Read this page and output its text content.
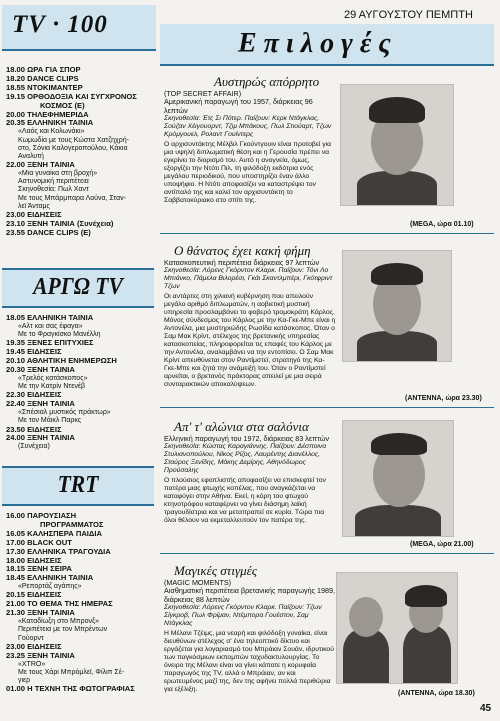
TV · 100
18.00 ΩΡΑ ΓΙΑ ΣΠΟΡ
18.20 DANCE CLIPS
18.55 ΝΤΟΚΙΜΑΝΤΕΡ
19.15 ΟΡΘΟΔΟΞΙΑ ΚΑΙ ΣΥΓΧΡΟΝΟΣ
ΚΟΣΜΟΣ (Ε)
20.00 ΤΗΛΕΦΗΜΕΡΙΔΑ
20.35 ΕΛΛΗΝΙΚΗ ΤΑΙΝΙΑ
«Λαός και Κολωνάκι»
Κωμωδία με τους Κώστα Χατζηχρή-
στο, Σόνια Καλογεροπούλου, Κάκια
Αναλυτή
22.00 ΞΕΝΗ ΤΑΙΝΙΑ
«Μια γυναίκα στη βροχή»
Αστυνομική περιπέτεια
Σκηνοθεσία: Πωλ Χαντ
Με τους Μπάρμπαρα Λούνα, Σταν-
λεϊ Άνταμς
23.00 ΕΙΔΗΣΕΙΣ
23.10 ΞΕΝΗ ΤΑΙΝΙΑ (Συνέχεια)
23.55 DANCE CLIPS (Ε)
ΑΡΓΩ TV
18.05 ΕΛΛΗΝΙΚΗ ΤΑΙΝΙΑ
«Αλτ και σας έφαγα»
Με το Φραγκίσκο Μανέλλη
19.35 ΞΕΝΕΣ ΕΠΙΤΥΧΙΕΣ
19.45 ΕΙΔΗΣΕΙΣ
20.10 ΑΘΛΗΤΙΚΗ ΕΝΗΜΕΡΩΣΗ
20.30 ΞΕΝΗ ΤΑΙΝΙΑ
«Τρελός κατάσκοπος»
Με την Κατρίν Ντενέβ
22.30 ΕΙΔΗΣΕΙΣ
22.40 ΞΕΝΗ ΤΑΙΝΙΑ
«Σπέσιαλ μυστικός πράκτωρ»
Με τον Μάικλ Παρκς
23.50 ΕΙΔΗΣΕΙΣ
24.00 ΞΕΝΗ ΤΑΙΝΙΑ
(Συνέχεια)
TRT
16.00 ΠΑΡΟΥΣΙΑΣΗ
ΠΡΟΓΡΑΜΜΑΤΟΣ
16.05 ΚΑΛΗΣΠΕΡΑ ΠΑΙΔΙΑ
17.00 BLACK OUT
17.30 ΕΛΛΗΝΙΚΑ ΤΡΑΓΟΥΔΙΑ
18.00 ΕΙΔΗΣΕΙΣ
18.15 ΞΕΝΗ ΣΕΙΡΑ
18.45 ΕΛΛΗΝΙΚΗ ΤΑΙΝΙΑ
«Ρεπορτάζ αγάπης»
20.15 ΕΙΔΗΣΕΙΣ
21.00 ΤΟ ΘΕΜΑ ΤΗΣ ΗΜΕΡΑΣ
21.30 ΞΕΝΗ ΤΑΙΝΙΑ
«Καταδίωξη στο Μπρονξ»
Περιπέτεια με τον Μπρέντων
Γούορντ
23.00 ΕΙΔΗΣΕΙΣ
23.25 ΞΕΝΗ ΤΑΙΝΙΑ
«XTRO»
Με τους Χάρι Μπρόμλεϊ, Φίλιπ Σέ-
γιερ
01.00 Η ΤΕΧΝΗ ΤΗΣ ΦΩΤΟΓΡΑΦΙΑΣ
29 ΑΥΓΟΥΣΤΟΥ ΠΕΜΠΤΗ
Επιλογές
Αυστηρώς απόρρητο
(TOP SECRET AFFAIR)
Αμερικανική παραγωγή του 1957, διάρκειας 96 λεπτών
Σκηνοθεσία: Έτς Σι Πότερ. Παίζουν: Κερκ Ντάγκλας, Σούζαν Χέιγουορντ, Τζιμ Μπάκους, Πωλ Στιούαρτ, Τζων Κρόμγουελ, Ρολαντ Γουίντερς
Ο αρχισυντάκτης Μέλβιλ Γκούντγουιν είναι προτοβεί για μια υψηλή διπλωματική θέση και η Γερουσία πρέπει να εγκρίνει το διορισμό του. Αυτό η ανογνεία, όμως, εξοργίζει την Ντότι Πιλ, τη φιλόδοξη εκδότρια ενός μεγάλου περιοδικού, που υποστηρίζει έναν άλλο υποψήφιο. Η Ντότι αποφασίζει να καταστρέψει τον αντίπαλό της και καλεί τον αρχισυντάκτη το Σαββατοκύριακο στο σπίτι της.
(MEGA, ώρα 01.10)
Ο θάνατος έχει κακή φήμη
Κατασκοπευτική περιπέτεια διάρκειας 97 λεπτών
Σκηνοθεσία: Λόρενς Γκόρντον Κλαρκ. Παίζουν: Τόνι Λο Μπιάνκο, Πάμελα Βιλορέσι, Γκάι Σκαντλμπέρι, Γκότφριντ Τζων
Οι αντάρτες στη χιλιανή κυβέρνηση που απειλούν μεγάλο αριθμό διπλωματών, η αοβιετική μυστική υπηρεσία προσλαμβάνει το φοβερό τρομοκράτη Κάρλος. Μόνος σύνδεσμος του Κάρλος με την Κα-Γκε-Μπε είναι η Αντονέλα, μια μυστηριώδης Ρωσίδα κατάσκοπος. Όταν ο Σαμ Μακ Κρίντ, στέλεχος της βρετανικής υπηρεσίας κατασκοπείας, πληροφορείται τις επαφές του Κάρλος με την Αντονέλα, αναλαμβάνει να την εντοπίσει. Ο Σαμ Μακ Κρίντ απευθύνεται στον Ραντίμστεϊ, στρατηγό της Κα-Γκε-Μπε και ζητά την ανάμειξή του. Όταν ο Ραντίμστεϊ αρνείται, ο βρετανός πράκτορας απειλεί με μια σειρά συνταρακτικών αποκαλύψεων.
(ANTENNA, ώρα 23.30)
Απ' τ' αλώνια στα σαλόνια
Ελληνική παραγωγή του 1972, διάρκειας 83 λεπτών
Σκηνοθεσία: Κώστας Καραγιάννης. Παίζουν: Δέσποινα Στυλιανοπούλου, Νίκος Ρίζος, Λαυρέντης Διανέλλος, Σταύρος Ξενίδης, Μάκης Δεμίρης, Αθηνόδωρος Προύσαλης
Ο πλούσιος εφοπλιστής αποφασίζει να επισκεφτεί τον πατέρα μιας φτωχής κοπέλας, που αναγκάζεται να καταφύγει στην Αθήνα. Εκεί, η κόρη του φτωχού κτηνοτρόφου καταφέρνει να γίνει διάσημη λαϊκή τραγουδίστρια και να μεταπραπεί σε κυρία. Τώρα πια όλοι θέλουν να εκμεταλλευτούν τον πατέρα της.
(MEGA, ώρα 21.00)
Μαγικές στιγμές
(MAGIC MOMENTS)
Αισθηματική περιπέτεια βρετανικής παραγωγής 1989, διάρκειας 88 λεπτών
Σκηνοθεσία: Λόρενς Γκόρντον Κλαρκ. Παίζουν: Τζων Σίγκροβ, Πωλ Φρίμαν, Ντέμπορα Γουέστον, Σαμ Ντάγκλας
Η Μέλανι Τζέιμς, μια νεαρή και φιλόδοξη γυναίκα, είναι διευθύνων στέλεχος σ' ένα τηλεοπτικό δίκτυο και εργάζεται για λογαριασμό του Μπράιαν Σουάν, ιδρυτικού των παγκόσμιων εκπομπών ταχυδακτυλουργίας. Το όνειρο της Μέλανι είναι να γίνει κάποτε η κορυφαία παραγωγός της TV, αλλά ο Μπράιαν, αν και ερωτευμένος μαζί της, δεν της αφήνει πολλά περιθώρια για εξέλιξη.
(ANTENNA, ώρα 18.30)
45
